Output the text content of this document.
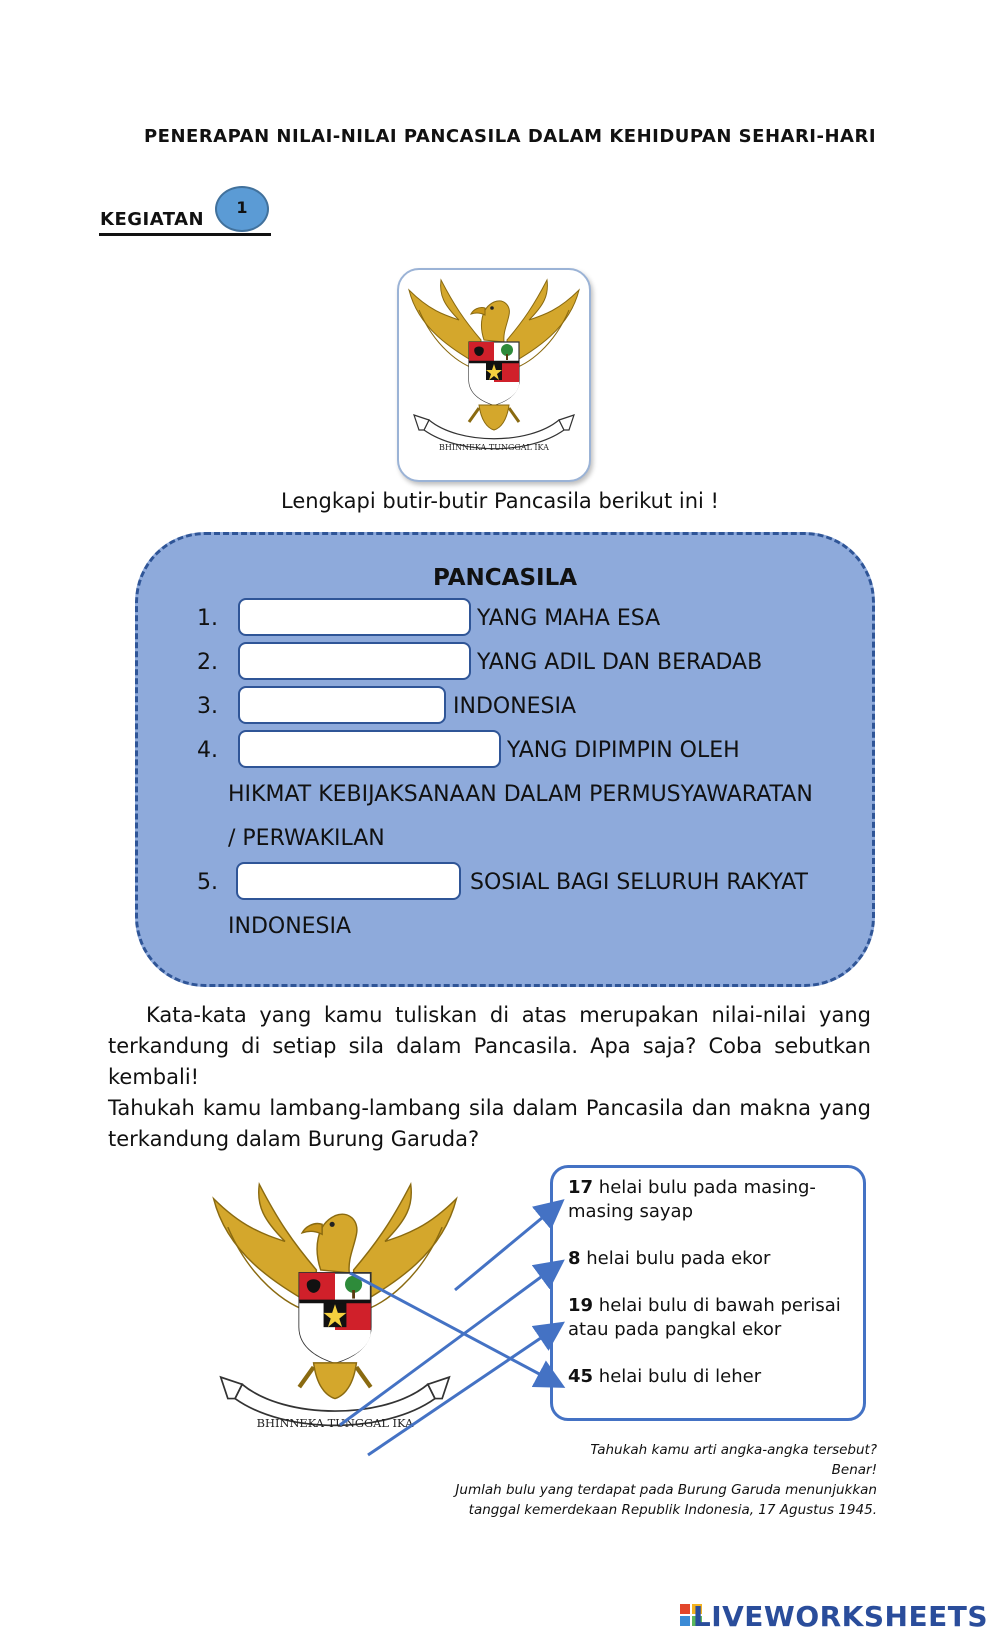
PENERAPAN NILAI-NILAI PANCASILA DALAM KEHIDUPAN SEHARI-HARI
KEGIATAN
1
BHINNEKA TUNGGAL IKA
Lengkapi butir-butir Pancasila berikut ini !
PANCASILA
1.	YANG MAHA ESA
2.	YANG ADIL DAN BERADAB
3.	INDONESIA
4.	YANG DIPIMPIN OLEH
HIKMAT KEBIJAKSANAAN DALAM PERMUSYAWARATAN
/ PERWAKILAN
5.	SOSIAL BAGI SELURUH RAKYAT
INDONESIA
Kata-kata yang kamu tuliskan di atas merupakan nilai-nilai yang terkandung di setiap sila dalam Pancasila. Apa saja? Coba sebutkan kembali!
Tahukah kamu lambang-lambang sila dalam Pancasila dan makna yang terkandung dalam Burung Garuda?
BHINNEKA TUNGGAL IKA
17 helai bulu pada masing-
masing sayap
8 helai bulu pada ekor
19 helai bulu di bawah perisai
atau pada pangkal ekor
45 helai bulu di leher
Tahukah kamu arti angka-angka tersebut?
Benar!
Jumlah bulu yang terdapat pada Burung Garuda menunjukkan
tanggal kemerdekaan Republik Indonesia, 17 Agustus 1945.
LIVEWORKSHEETS
